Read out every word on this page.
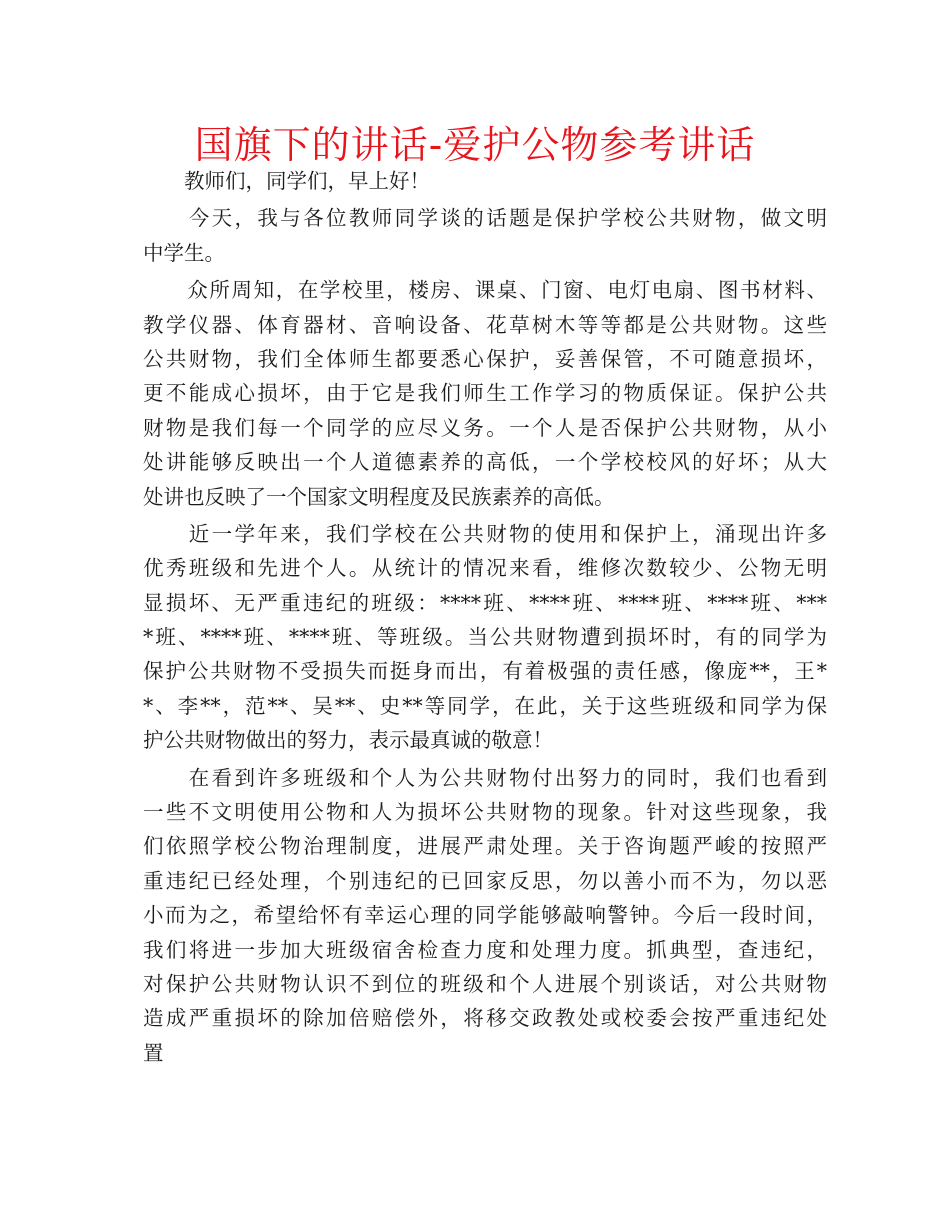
国旗下的讲话-爱护公物参考讲话
　　教师们，同学们，早上好！
　　今天，我与各位教师同学谈的话题是保护学校公共财物，做文明
中学生。
　　众所周知，在学校里，楼房、课桌、门窗、电灯电扇、图书材料、
教学仪器、体育器材、音响设备、花草树木等等都是公共财物。这些
公共财物，我们全体师生都要悉心保护，妥善保管，不可随意损坏，
更不能成心损坏，由于它是我们师生工作学习的物质保证。保护公共
财物是我们每一个同学的应尽义务。一个人是否保护公共财物，从小
处讲能够反映出一个人道德素养的高低，一个学校校风的好坏；从大
处讲也反映了一个国家文明程度及民族素养的高低。
　　近一学年来，我们学校在公共财物的使用和保护上，涌现出许多
优秀班级和先进个人。从统计的情况来看，维修次数较少、公物无明
显损坏、无严重违纪的班级：****班、****班、****班、****班、***
*班、****班、****班、等班级。当公共财物遭到损坏时，有的同学为
保护公共财物不受损失而挺身而出，有着极强的责任感，像庞**，王*
*、李**，范**、吴**、史**等同学，在此，关于这些班级和同学为保
护公共财物做出的努力，表示最真诚的敬意！
　　在看到许多班级和个人为公共财物付出努力的同时，我们也看到
一些不文明使用公物和人为损坏公共财物的现象。针对这些现象，我
们依照学校公物治理制度，进展严肃处理。关于咨询题严峻的按照严
重违纪已经处理，个别违纪的已回家反思，勿以善小而不为，勿以恶
小而为之，希望给怀有幸运心理的同学能够敲响警钟。今后一段时间，
我们将进一步加大班级宿舍检查力度和处理力度。抓典型，查违纪，
对保护公共财物认识不到位的班级和个人进展个别谈话，对公共财物
造成严重损坏的除加倍赔偿外，将移交政教处或校委会按严重违纪处
置
